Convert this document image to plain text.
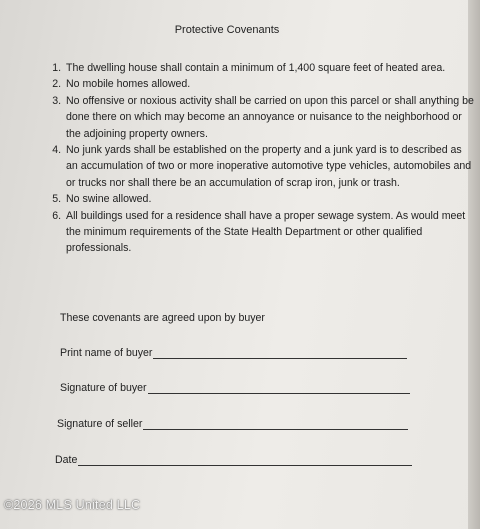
Protective Covenants
1. The dwelling house shall contain a minimum of 1,400 square feet of heated area.
2. No mobile homes allowed.
3. No offensive or noxious activity shall be carried on upon this parcel or shall anything be done there on which may become an annoyance or nuisance to the neighborhood or the adjoining property owners.
4. No junk yards shall be established on the property and a junk yard is to described as an accumulation of two or more inoperative automotive type vehicles, automobiles and or trucks nor shall there be an accumulation of scrap iron, junk or trash.
5. No swine allowed.
6. All buildings used for a residence shall have a proper sewage system. As would meet the minimum requirements of the State Health Department or other qualified professionals.
These covenants are agreed upon by buyer
Print name of buyer
Signature of buyer
Signature of seller
Date
©2026 MLS United LLC
